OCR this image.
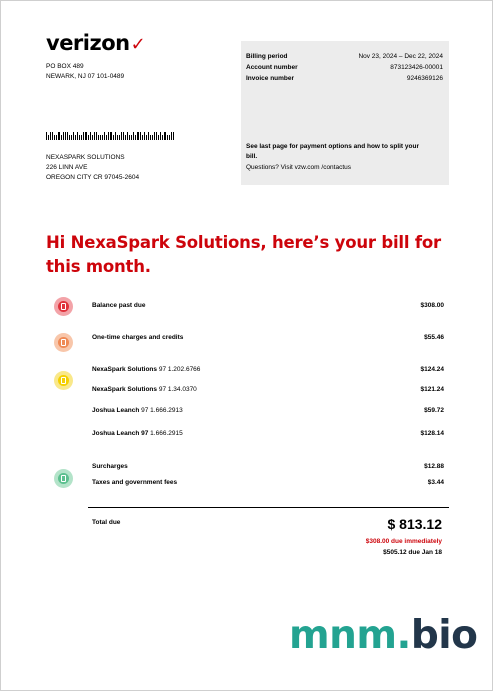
verizon✓
PO BOX 489
NEWARK, NJ 07 101-0489
NEXASPARK SOLUTIONS
226 LINN AVE
OREGON CITY CR 97045-2604
Billing period	Nov 23, 2024 – Dec 22, 2024
Account number	873123426-00001
Invoice number	9246369126
See last page for payment options and how to split your bill.
Questions? Visit vzw.com /contactus
Hi NexaSpark Solutions, here’s your bill for this month.
Balance past due	$308.00
One-time charges and credits	$55.46
NexaSpark Solutions 97 1.202.6766	$124.24
NexaSpark Solutions 97 1.34.0370	$121.24
Joshua Leanch 97 1.666.2913	$59.72
Joshua Leanch 97 1.666.2915	$128.14
Surcharges	$12.88
Taxes and government fees	$3.44
Total due	$ 813.12
$308.00 due immediately
$505.12 due Jan 18
mnm.bio
